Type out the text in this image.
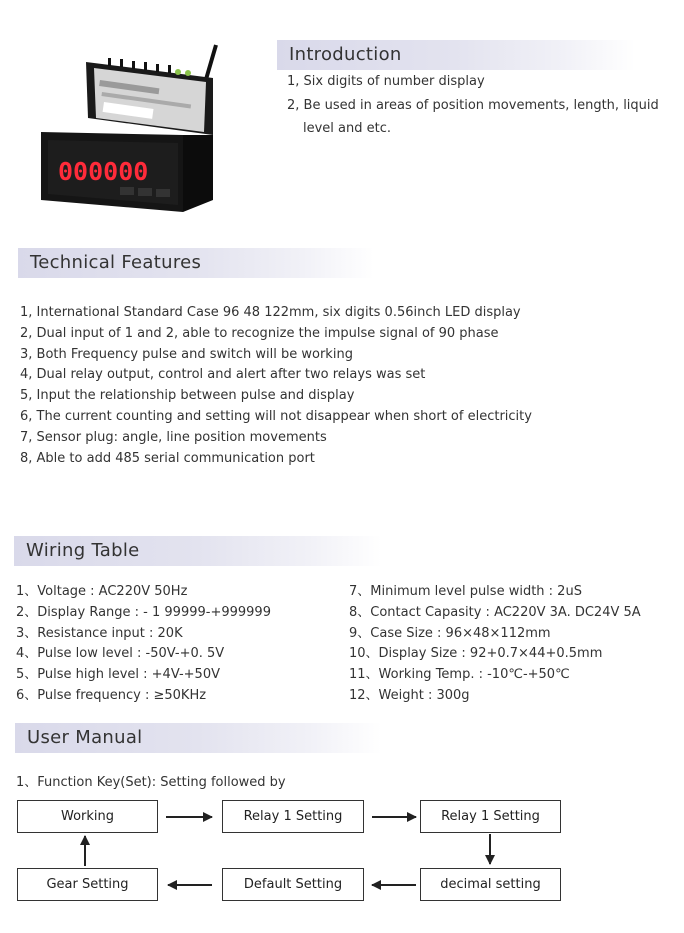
000000
Introduction
1, Six digits of number display
2, Be used in areas of position movements, length, liquid
level and etc.
Technical Features
1, International Standard Case 96 48 122mm, six digits 0.56inch LED display
2, Dual input of 1 and 2, able to recognize the impulse signal of 90 phase
3, Both Frequency pulse and switch will be working
4, Dual relay output, control and alert after two relays was set
5, Input the relationship between pulse and display
6, The current counting and setting will not disappear when short of electricity
7, Sensor plug: angle, line position movements
8, Able to add 485 serial communication port
Wiring Table
1、Voltage : AC220V 50Hz
2、Display Range : - 1 99999-+999999
3、Resistance input : 20K
4、Pulse low level : -50V-+0. 5V
5、Pulse high level : +4V-+50V
6、Pulse frequency : ≥50KHz
7、Minimum level pulse width : 2uS
8、Contact Capasity : AC220V 3A. DC24V 5A
9、Case Size : 96×48×112mm
10、Display Size : 92+0.7×44+0.5mm
11、Working Temp. : -10℃-+50℃
12、Weight : 300g
User Manual
1、Function Key(Set): Setting followed by
Working	Relay 1 Setting	Relay 1 Setting
Gear Setting	Default Setting	decimal setting
